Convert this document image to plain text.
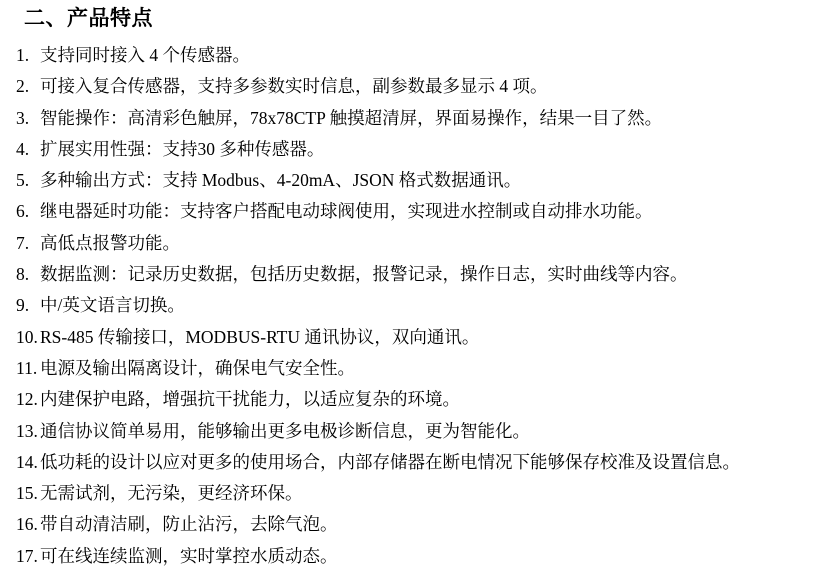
二、产品特点
1. 支持同时接入 4 个传感器。
2. 可接入复合传感器，支持多参数实时信息，副参数最多显示 4 项。
3. 智能操作：高清彩色触屏，78x78CTP 触摸超清屏，界面易操作，结果一目了然。
4. 扩展实用性强：支持30 多种传感器。
5. 多种输出方式：支持 Modbus、4-20mA、JSON 格式数据通讯。
6. 继电器延时功能：支持客户搭配电动球阀使用，实现进水控制或自动排水功能。
7. 高低点报警功能。
8. 数据监测：记录历史数据，包括历史数据，报警记录，操作日志，实时曲线等内容。
9. 中/英文语言切换。
10. RS-485 传输接口，MODBUS-RTU 通讯协议，双向通讯。
11. 电源及输出隔离设计，确保电气安全性。
12. 内建保护电路，增强抗干扰能力，以适应复杂的环境。
13. 通信协议简单易用，能够输出更多电极诊断信息，更为智能化。
14. 低功耗的设计以应对更多的使用场合，内部存储器在断电情况下能够保存校准及设置信息。
15. 无需试剂，无污染，更经济环保。
16. 带自动清洁刷，防止沾污，去除气泡。
17. 可在线连续监测，实时掌控水质动态。
